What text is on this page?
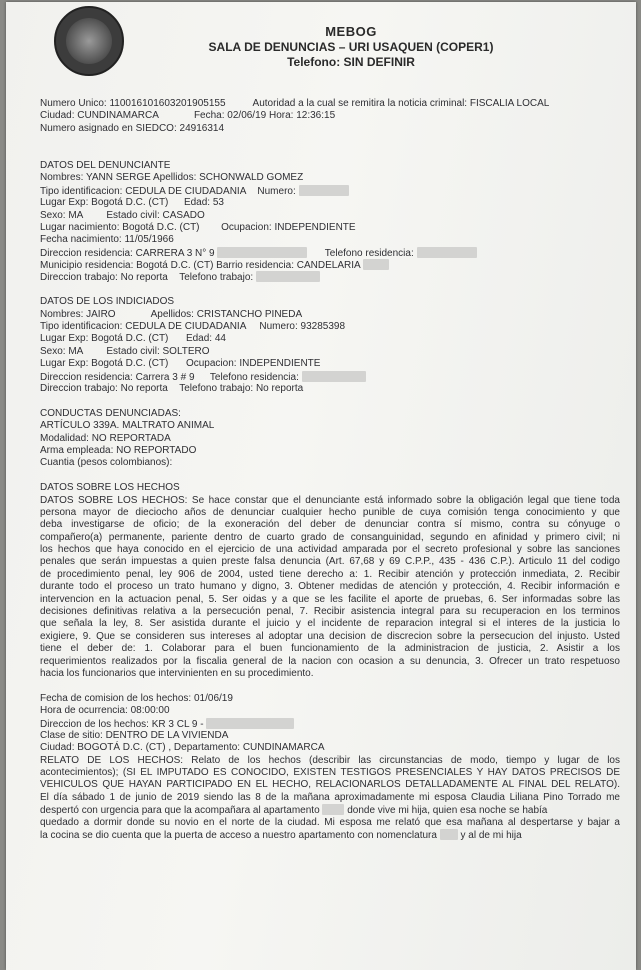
MEBOG
SALA DE DENUNCIAS – URI USAQUEN (COPER1)
Telefono: SIN DEFINIR
Numero Unico: 110016101603201905155	Autoridad a la cual se remitira la noticia criminal: FISCALIA LOCAL
Ciudad: CUNDINAMARCA	Fecha: 02/06/19 Hora: 12:36:15
Numero asignado en SIEDCO: 24916314
DATOS DEL DENUNCIANTE
Nombres: YANN SERGE Apellidos: SCHONWALD GOMEZ
Tipo identificacion: CEDULA DE CIUDADANIA Numero:
Lugar Exp: Bogotá D.C. (CT) Edad: 53
Sexo: MA Estado civil: CASADO
Lugar nacimiento: Bogotá D.C. (CT) Ocupacion: INDEPENDIENTE
Fecha nacimiento: 11/05/1966
Direccion residencia: CARRERA 3 N° 9	Telefono residencia:
Municipio residencia: Bogotá D.C. (CT) Barrio residencia: CANDELARIA
Direccion trabajo: No reporta Telefono trabajo:
DATOS DE LOS INDICIADOS
Nombres: JAIRO	Apellidos: CRISTANCHO PINEDA
Tipo identificacion: CEDULA DE CIUDADANIA Numero: 93285398
Lugar Exp: Bogotá D.C. (CT) Edad: 44
Sexo: MA Estado civil: SOLTERO
Lugar Exp: Bogotá D.C. (CT) Ocupacion: INDEPENDIENTE
Direccion residencia: Carrera 3 # 9 Telefono residencia:
Direccion trabajo: No reporta Telefono trabajo: No reporta
CONDUCTAS DENUNCIADAS:
ARTÍCULO 339A. MALTRATO ANIMAL
Modalidad: NO REPORTADA
Arma empleada: NO REPORTADO
Cuantia (pesos colombianos):
DATOS SOBRE LOS HECHOS
DATOS SOBRE LOS HECHOS: Se hace constar que el denunciante está informado sobre la obligación legal que tiene toda
persona mayor de dieciocho años de denunciar cualquier hecho punible de cuya comisión tenga conocimiento y que
deba investigarse de oficio; de la exoneración del deber de denunciar contra sí mismo, contra su cónyuge o
compañero(a) permanente, pariente dentro de cuarto grado de consanguinidad, segundo en afinidad y primero civil; ni
los hechos que haya conocido en el ejercicio de una actividad amparada por el secreto profesional y sobre las sanciones
penales que serán impuestas a quien preste falsa denuncia (Art. 67,68 y 69 C.P.P., 435 - 436 C.P.). Articulo 11 del codigo
de procedimiento penal, ley 906 de 2004, usted tiene derecho a: 1. Recibir atención y protección inmediata, 2. Recibir
durante todo el proceso un trato humano y digno, 3. Obtener medidas de atención y protección, 4. Recibir información e
intervencion en la actuacion penal, 5. Ser oidas y a que se les facilite el aporte de pruebas, 6. Ser informadas sobre las
decisiones definitivas relativa a la persecución penal, 7. Recibir asistencia integral para su recuperacion en los terminos
que señala la ley, 8. Ser asistida durante el juicio y el incidente de reparacion integral si el interes de la justicia lo
exigiere, 9. Que se consideren sus intereses al adoptar una decision de discrecion sobre la persecucion del injusto. Usted
tiene el deber de: 1. Colaborar para el buen funcionamiento de la administracion de justicia, 2. Asistir a los
requerimientos realizados por la fiscalia general de la nacion con ocasion a su denuncia, 3. Ofrecer un trato respetuoso
hacia los funcionarios que intervinienten en su procedimiento.
Fecha de comision de los hechos: 01/06/19
Hora de ocurrencia: 08:00:00
Direccion de los hechos: KR 3 CL 9 -
Clase de sitio: DENTRO DE LA VIVIENDA
Ciudad: BOGOTÁ D.C. (CT) , Departamento: CUNDINAMARCA
RELATO DE LOS HECHOS: Relato de los hechos (describir las circunstancias de modo, tiempo y lugar de los
acontecimientos); (SI EL IMPUTADO ES CONOCIDO, EXISTEN TESTIGOS PRESENCIALES Y HAY DATOS PRECISOS DE
VEHICULOS QUE HAYAN PARTICIPADO EN EL HECHO, RELACIONARLOS DETALLADAMENTE AL FINAL DEL RELATO).
El día sábado 1 de junio de 2019 siendo las 8 de la mañana aproximadamente mi esposa Claudia Liliana Pino Torrado me
despertó con urgencia para que la acompañara al apartamento	donde vive mi hija, quien esa noche se había
quedado a dormir donde su novio en el norte de la ciudad. Mi esposa me relató que esa mañana al despertarse y bajar a
la cocina se dio cuenta que la puerta de acceso a nuestro apartamento con nomenclatura y al de mi hija
